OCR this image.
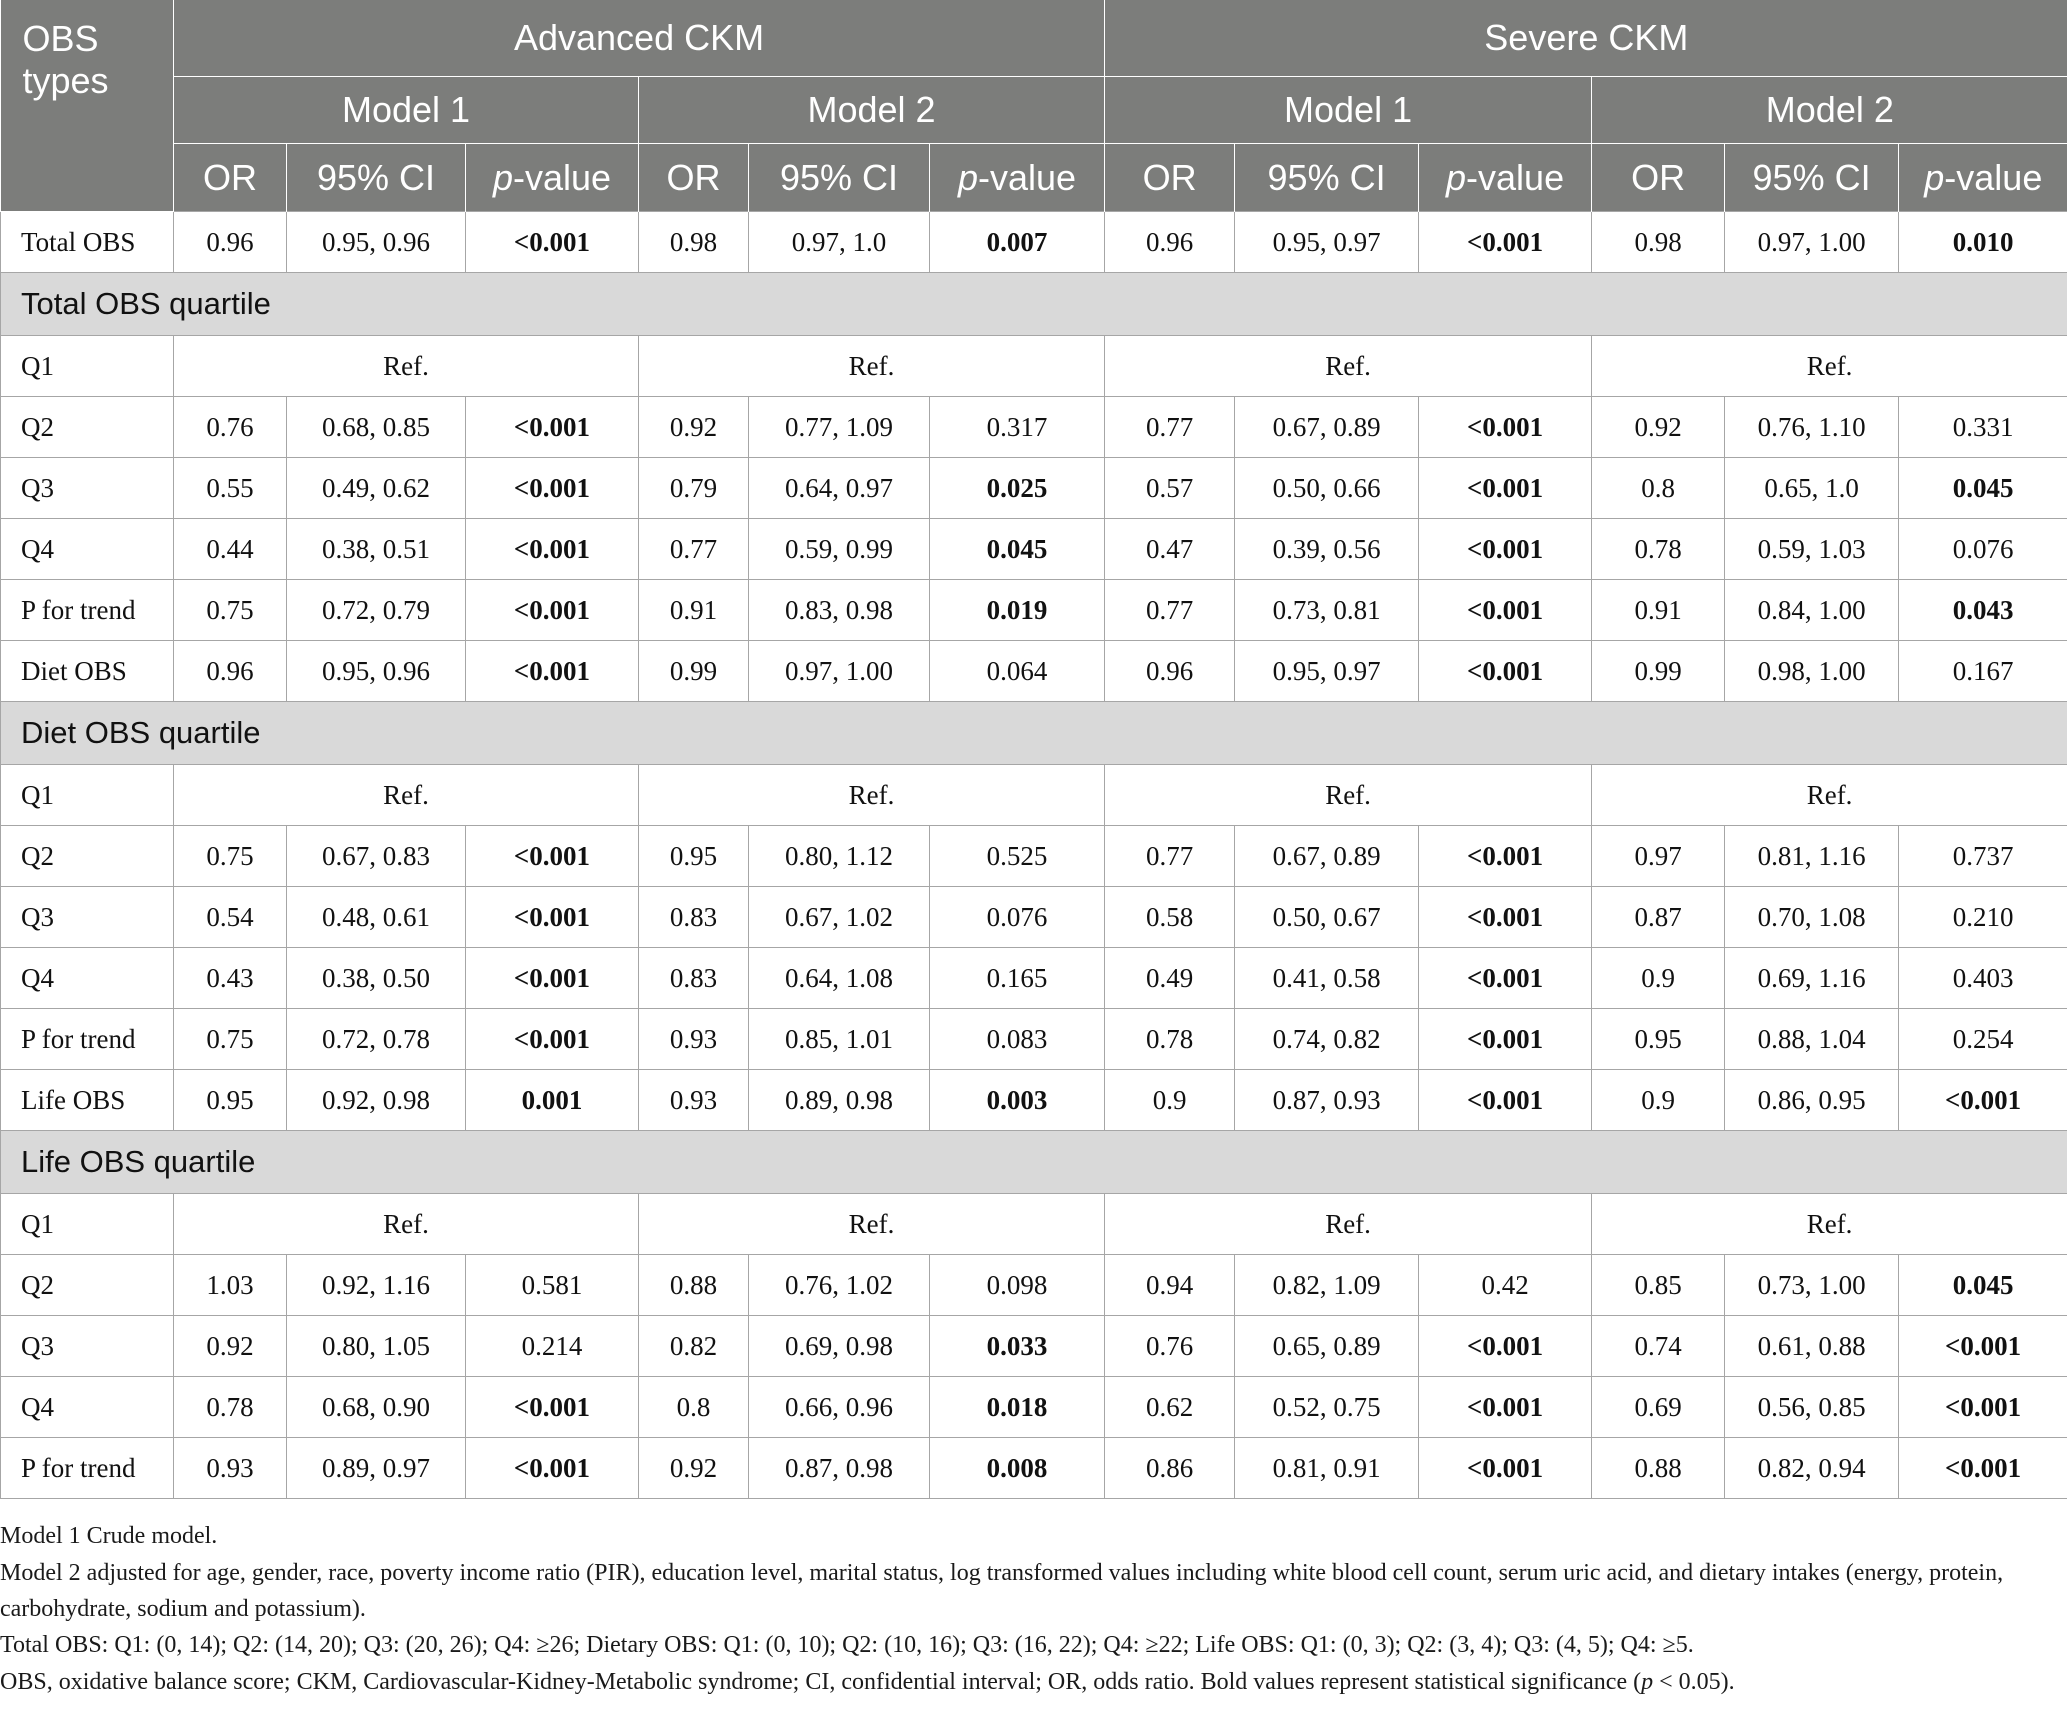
OBS types	Advanced CKM						Severe CKM					
	Model 1			Model 2			Model 1			Model 2		
	OR	95% CI	p-value	OR	95% CI	p-value	OR	95% CI	p-value	OR	95% CI	p-value
Total OBS	0.96	0.95, 0.96	<0.001	0.98	0.97, 1.0	0.007	0.96	0.95, 0.97	<0.001	0.98	0.97, 1.00	0.010
Total OBS quartile												
Q1	Ref.			Ref.			Ref.			Ref.		
Q2	0.76	0.68, 0.85	<0.001	0.92	0.77, 1.09	0.317	0.77	0.67, 0.89	<0.001	0.92	0.76, 1.10	0.331
Q3	0.55	0.49, 0.62	<0.001	0.79	0.64, 0.97	0.025	0.57	0.50, 0.66	<0.001	0.8	0.65, 1.0	0.045
Q4	0.44	0.38, 0.51	<0.001	0.77	0.59, 0.99	0.045	0.47	0.39, 0.56	<0.001	0.78	0.59, 1.03	0.076
P for trend	0.75	0.72, 0.79	<0.001	0.91	0.83, 0.98	0.019	0.77	0.73, 0.81	<0.001	0.91	0.84, 1.00	0.043
Diet OBS	0.96	0.95, 0.96	<0.001	0.99	0.97, 1.00	0.064	0.96	0.95, 0.97	<0.001	0.99	0.98, 1.00	0.167
Diet OBS quartile												
Q1	Ref.			Ref.			Ref.			Ref.		
Q2	0.75	0.67, 0.83	<0.001	0.95	0.80, 1.12	0.525	0.77	0.67, 0.89	<0.001	0.97	0.81, 1.16	0.737
Q3	0.54	0.48, 0.61	<0.001	0.83	0.67, 1.02	0.076	0.58	0.50, 0.67	<0.001	0.87	0.70, 1.08	0.210
Q4	0.43	0.38, 0.50	<0.001	0.83	0.64, 1.08	0.165	0.49	0.41, 0.58	<0.001	0.9	0.69, 1.16	0.403
P for trend	0.75	0.72, 0.78	<0.001	0.93	0.85, 1.01	0.083	0.78	0.74, 0.82	<0.001	0.95	0.88, 1.04	0.254
Life OBS	0.95	0.92, 0.98	0.001	0.93	0.89, 0.98	0.003	0.9	0.87, 0.93	<0.001	0.9	0.86, 0.95	<0.001
Life OBS quartile												
Q1	Ref.			Ref.			Ref.			Ref.		
Q2	1.03	0.92, 1.16	0.581	0.88	0.76, 1.02	0.098	0.94	0.82, 1.09	0.42	0.85	0.73, 1.00	0.045
Q3	0.92	0.80, 1.05	0.214	0.82	0.69, 0.98	0.033	0.76	0.65, 0.89	<0.001	0.74	0.61, 0.88	<0.001
Q4	0.78	0.68, 0.90	<0.001	0.8	0.66, 0.96	0.018	0.62	0.52, 0.75	<0.001	0.69	0.56, 0.85	<0.001
P for trend	0.93	0.89, 0.97	<0.001	0.92	0.87, 0.98	0.008	0.86	0.81, 0.91	<0.001	0.88	0.82, 0.94	<0.001
Model 1 Crude model.
Model 2 adjusted for age, gender, race, poverty income ratio (PIR), education level, marital status, log transformed values including white blood cell count, serum uric acid, and dietary intakes (energy, protein, carbohydrate, sodium and potassium).
Total OBS: Q1: (0, 14); Q2: (14, 20); Q3: (20, 26); Q4: ≥26; Dietary OBS: Q1: (0, 10); Q2: (10, 16); Q3: (16, 22); Q4: ≥22; Life OBS: Q1: (0, 3); Q2: (3, 4); Q3: (4, 5); Q4: ≥5.
OBS, oxidative balance score; CKM, Cardiovascular-Kidney-Metabolic syndrome; CI, confidential interval; OR, odds ratio. Bold values represent statistical significance (p < 0.05).
